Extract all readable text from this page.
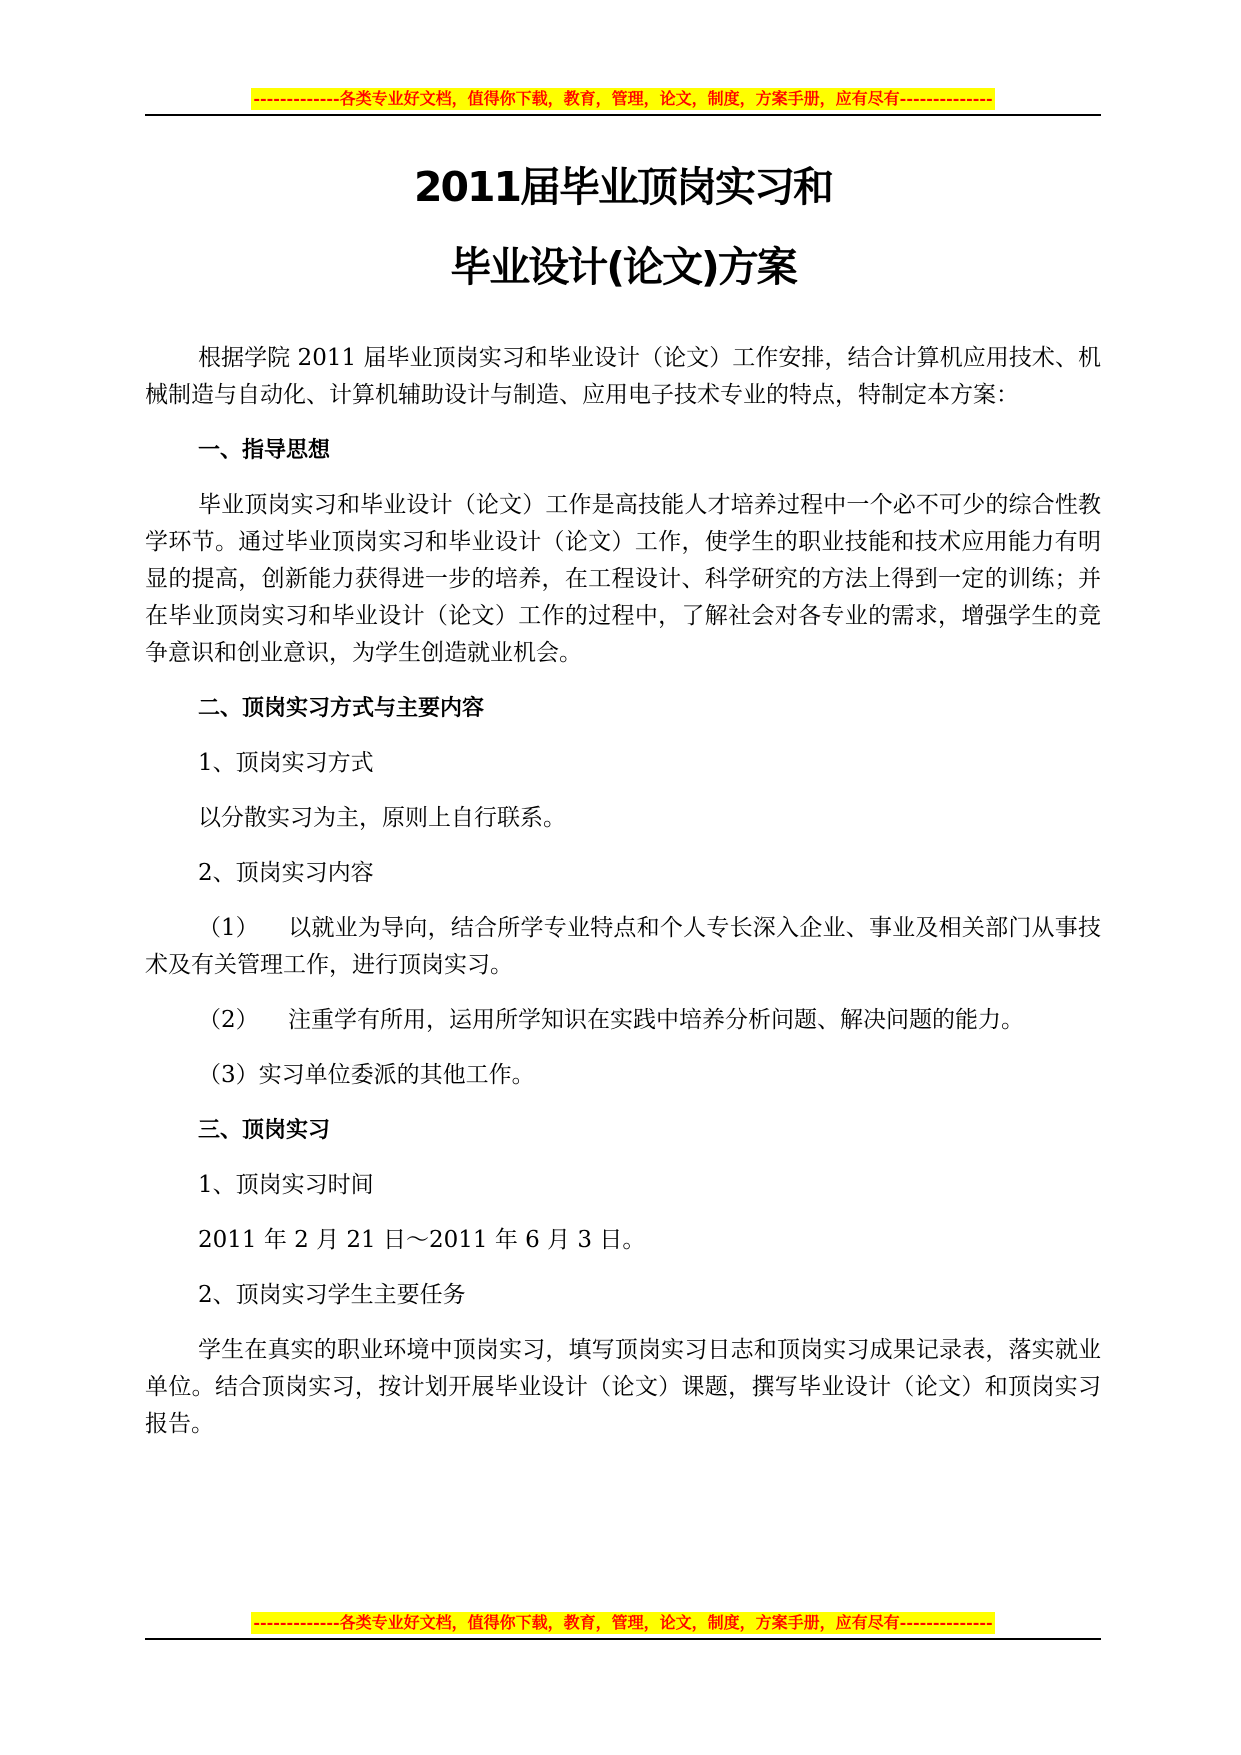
-------------各类专业好文档，值得你下载，教育，管理，论文，制度，方案手册，应有尽有--------------
2011届毕业顶岗实习和
毕业设计(论文)方案

根据学院 2011 届毕业顶岗实习和毕业设计（论文）工作安排，结合计算机应用技术、机械制造与自动化、计算机辅助设计与制造、应用电子技术专业的特点，特制定本方案：

一、指导思想

毕业顶岗实习和毕业设计（论文）工作是高技能人才培养过程中一个必不可少的综合性教学环节。通过毕业顶岗实习和毕业设计（论文）工作，使学生的职业技能和技术应用能力有明显的提高，创新能力获得进一步的培养，在工程设计、科学研究的方法上得到一定的训练；并在毕业顶岗实习和毕业设计（论文）工作的过程中，了解社会对各专业的需求，增强学生的竞争意识和创业意识，为学生创造就业机会。

二、顶岗实习方式与主要内容

1、顶岗实习方式

以分散实习为主，原则上自行联系。

2、顶岗实习内容

（1） 以就业为导向，结合所学专业特点和个人专长深入企业、事业及相关部门从事技术及有关管理工作，进行顶岗实习。

（2） 注重学有所用，运用所学知识在实践中培养分析问题、解决问题的能力。

（3）实习单位委派的其他工作。

三、顶岗实习

1、顶岗实习时间

2011 年 2 月 21 日～2011 年 6 月 3 日。

2、顶岗实习学生主要任务

学生在真实的职业环境中顶岗实习，填写顶岗实习日志和顶岗实习成果记录表，落实就业单位。结合顶岗实习，按计划开展毕业设计（论文）课题，撰写毕业设计（论文）和顶岗实习报告。

-------------各类专业好文档，值得你下载，教育，管理，论文，制度，方案手册，应有尽有--------------
